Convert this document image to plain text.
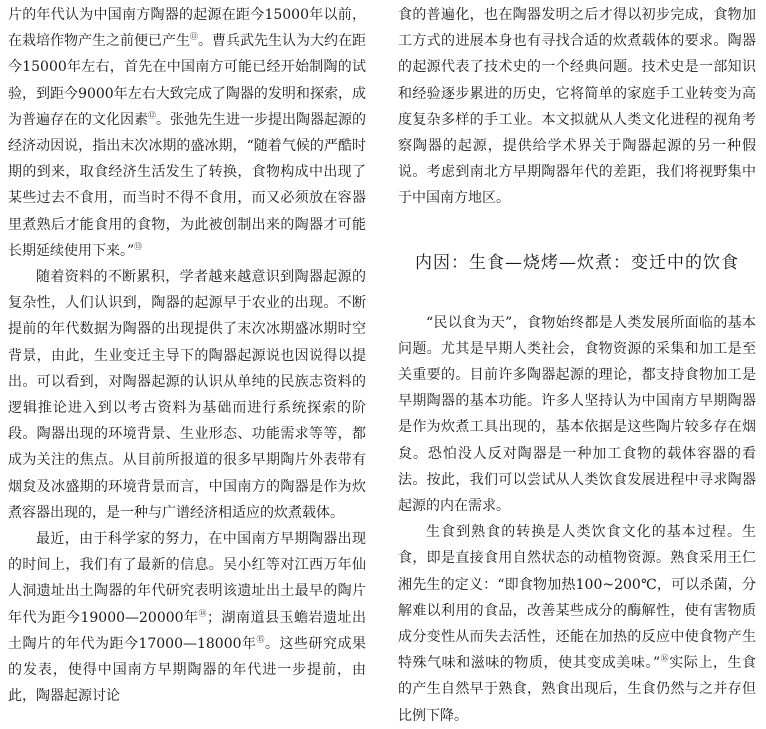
片的年代认为中国南方陶器的起源在距今15000年以前，在栽培作物产生之前便已产生⑪。曹兵武先生认为大约在距今15000年左右，首先在中国南方可能已经开始制陶的试验，到距今9000年左右大致完成了陶器的发明和探索，成为普遍存在的文化因素⑫。张弛先生进一步提出陶器起源的经济动因说，指出末次冰期的盛冰期，“随着气候的严酷时期的到来，取食经济生活发生了转换，食物构成中出现了某些过去不食用，而当时不得不食用，而又必须放在容器里煮熟后才能食用的食物，为此被创制出来的陶器才可能长期延续使用下来。”⑬

随着资料的不断累积，学者越来越意识到陶器起源的复杂性，人们认识到，陶器的起源早于农业的出现。不断提前的年代数据为陶器的出现提供了末次冰期盛冰期时空背景，由此，生业变迁主导下的陶器起源说也因说得以提出。可以看到，对陶器起源的认识从单纯的民族志资料的逻辑推论进入到以考古资料为基础而进行系统探索的阶段。陶器出现的环境背景、生业形态、功能需求等等，都成为关注的焦点。从目前所报道的很多早期陶片外表带有烟炱及冰盛期的环境背景而言，中国南方的陶器是作为炊煮容器出现的，是一种与广谱经济相适应的炊煮载体。

最近，由于科学家的努力，在中国南方早期陶器出现的时间上，我们有了最新的信息。吴小红等对江西万年仙人洞遗址出土陶器的年代研究表明该遗址出土最早的陶片年代为距今19000—20000年⑭；湖南道县玉蟾岩遗址出土陶片的年代为距今17000—18000年⑮。这些研究成果的发表，使得中国南方早期陶器的年代进一步提前，由此，陶器起源讨论

食的普遍化，也在陶器发明之后才得以初步完成，食物加工方式的进展本身也有寻找合适的炊煮载体的要求。陶器的起源代表了技术史的一个经典问题。技术史是一部知识和经验逐步累进的历史，它将简单的家庭手工业转变为高度复杂多样的手工业。本文拟就从人类文化进程的视角考察陶器的起源，提供给学术界关于陶器起源的另一种假说。考虑到南北方早期陶器年代的差距，我们将视野集中于中国南方地区。

内因：生食—烧烤—炊煮：变迁中的饮食

“民以食为天”，食物始终都是人类发展所面临的基本问题。尤其是早期人类社会，食物资源的采集和加工是至关重要的。目前许多陶器起源的理论，都支持食物加工是早期陶器的基本功能。许多人坚持认为中国南方早期陶器是作为炊煮工具出现的，基本依据是这些陶片较多存在烟炱。恐怕没人反对陶器是一种加工食物的载体容器的看法。按此，我们可以尝试从人类饮食发展进程中寻求陶器起源的内在需求。

生食到熟食的转换是人类饮食文化的基本过程。生食，即是直接食用自然状态的动植物资源。熟食采用王仁湘先生的定义：“即食物加热100~200℃，可以杀菌，分解难以利用的食品，改善某些成分的酶解性，使有害物质成分变性从而失去活性，还能在加热的反应中使食物产生特殊气味和滋味的物质，使其变成美味。”⑯实际上，生食的产生自然早于熟食，熟食出现后，生食仍然与之并存但比例下降。
